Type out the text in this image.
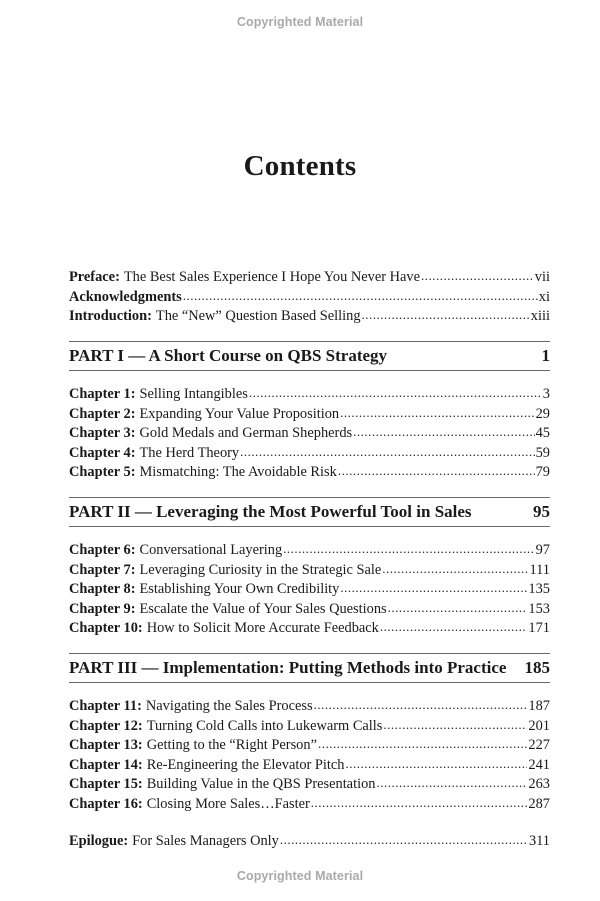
Copyrighted Material
Contents
Preface: The Best Sales Experience I Hope You Never Have .....	vii
Acknowledgments .....	xi
Introduction: The “New” Question Based Selling .....	xiii
PART I — A Short Course on QBS Strategy	1
Chapter 1: Selling Intangibles .....	3
Chapter 2: Expanding Your Value Proposition .....	29
Chapter 3: Gold Medals and German Shepherds .....	45
Chapter 4: The Herd Theory .....	59
Chapter 5: Mismatching: The Avoidable Risk .....	79
PART II — Leveraging the Most Powerful Tool in Sales	95
Chapter 6: Conversational Layering .....	97
Chapter 7: Leveraging Curiosity in the Strategic Sale .....	111
Chapter 8: Establishing Your Own Credibility .....	135
Chapter 9: Escalate the Value of Your Sales Questions .....	153
Chapter 10: How to Solicit More Accurate Feedback .....	171
PART III — Implementation: Putting Methods into Practice 185
Chapter 11: Navigating the Sales Process .....	187
Chapter 12: Turning Cold Calls into Lukewarm Calls .....	201
Chapter 13: Getting to the “Right Person” .....	227
Chapter 14: Re-Engineering the Elevator Pitch .....	241
Chapter 15: Building Value in the QBS Presentation .....	263
Chapter 16: Closing More Sales…Faster .....	287
Epilogue: For Sales Managers Only .....	311
Copyrighted Material
